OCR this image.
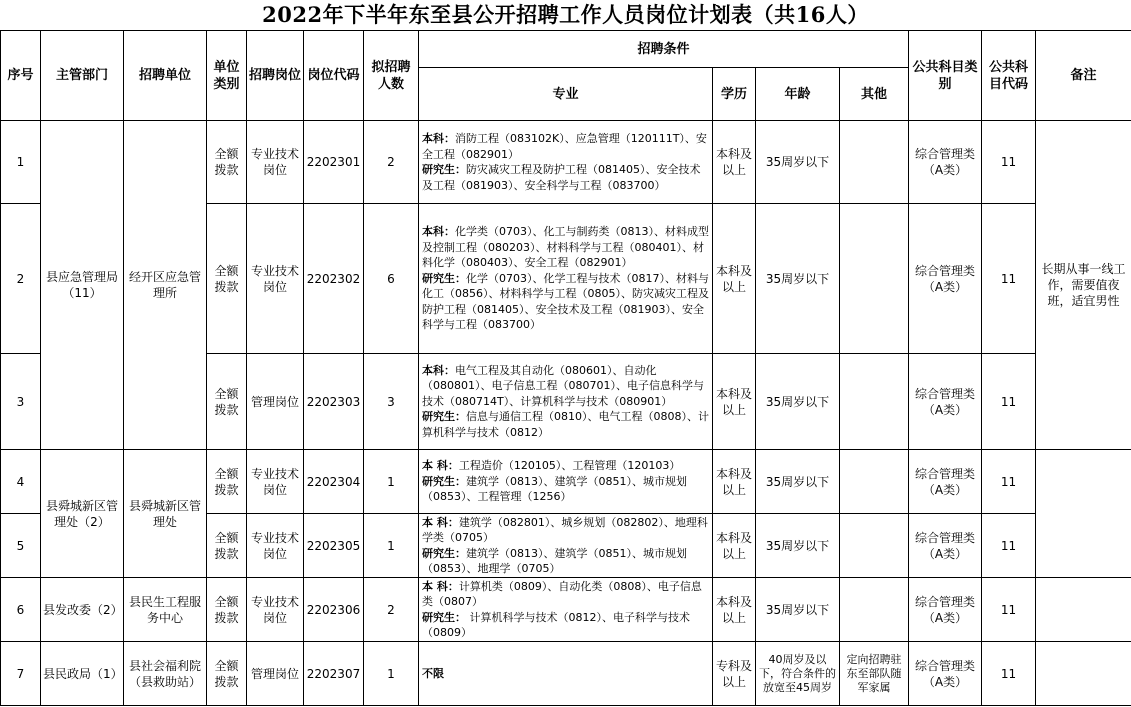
2022年下半年东至县公开招聘工作人员岗位计划表（共16人）
序号	主管部门	招聘单位	单位类别	招聘岗位	岗位代码	拟招聘人数	招聘条件				公共科目类别	公共科目代码	备注
							专业	学历	年龄	其他			
1	县应急管理局（11）	经开区应急管理所	全额拨款	专业技术岗位	2202301	2	本科：消防工程（083102K）、应急管理（120111T）、安全工程（082901）
研究生：防灾减灾工程及防护工程（081405）、安全技术及工程（081903）、安全科学与工程（083700）	本科及以上	35周岁以下		综合管理类（A类）	11	长期从事一线工作，需要值夜班，适宜男性
2			全额拨款	专业技术岗位	2202302	6	本科：化学类（0703）、化工与制药类（0813）、材料成型及控制工程（080203）、材料科学与工程（080401）、材料化学（080403）、安全工程（082901）
研究生：化学（0703）、化学工程与技术（0817）、材料与化工（0856）、材料科学与工程（0805）、防灾减灾工程及防护工程（081405）、安全技术及工程（081903）、安全科学与工程（083700）	本科及以上	35周岁以下		综合管理类（A类）	11	
3			全额拨款	管理岗位	2202303	3	本科：电气工程及其自动化（080601）、自动化（080801）、电子信息工程（080701）、电子信息科学与技术（080714T）、计算机科学与技术（080901）
研究生：信息与通信工程（0810）、电气工程（0808）、计算机科学与技术（0812）	本科及以上	35周岁以下		综合管理类（A类）	11	
4	县舜城新区管理处（2）	县舜城新区管理处	全额拨款	专业技术岗位	2202304	1	本 科：工程造价（120105）、工程管理（120103）
研究生：建筑学（0813）、建筑学（0851）、城市规划（0853）、工程管理（1256）	本科及以上	35周岁以下		综合管理类（A类）	11	
5			全额拨款	专业技术岗位	2202305	1	本 科：建筑学（082801）、城乡规划（082802）、地理科学类（0705）
研究生：建筑学（0813）、建筑学（0851）、城市规划（0853）、地理学（0705）	本科及以上	35周岁以下		综合管理类（A类）	11	
6	县发改委（2）	县民生工程服务中心	全额拨款	专业技术岗位	2202306	2	本 科：计算机类（0809）、自动化类（0808）、电子信息类（0807）
研究生： 计算机科学与技术（0812）、电子科学与技术（0809）	本科及以上	35周岁以下		综合管理类（A类）	11	
7	县民政局（1）	县社会福利院（县救助站）	全额拨款	管理岗位	2202307	1	不限	专科及以上	40周岁及以下，符合条件的放宽至45周岁	定向招聘驻东至部队随军家属	综合管理类（A类）	11	
